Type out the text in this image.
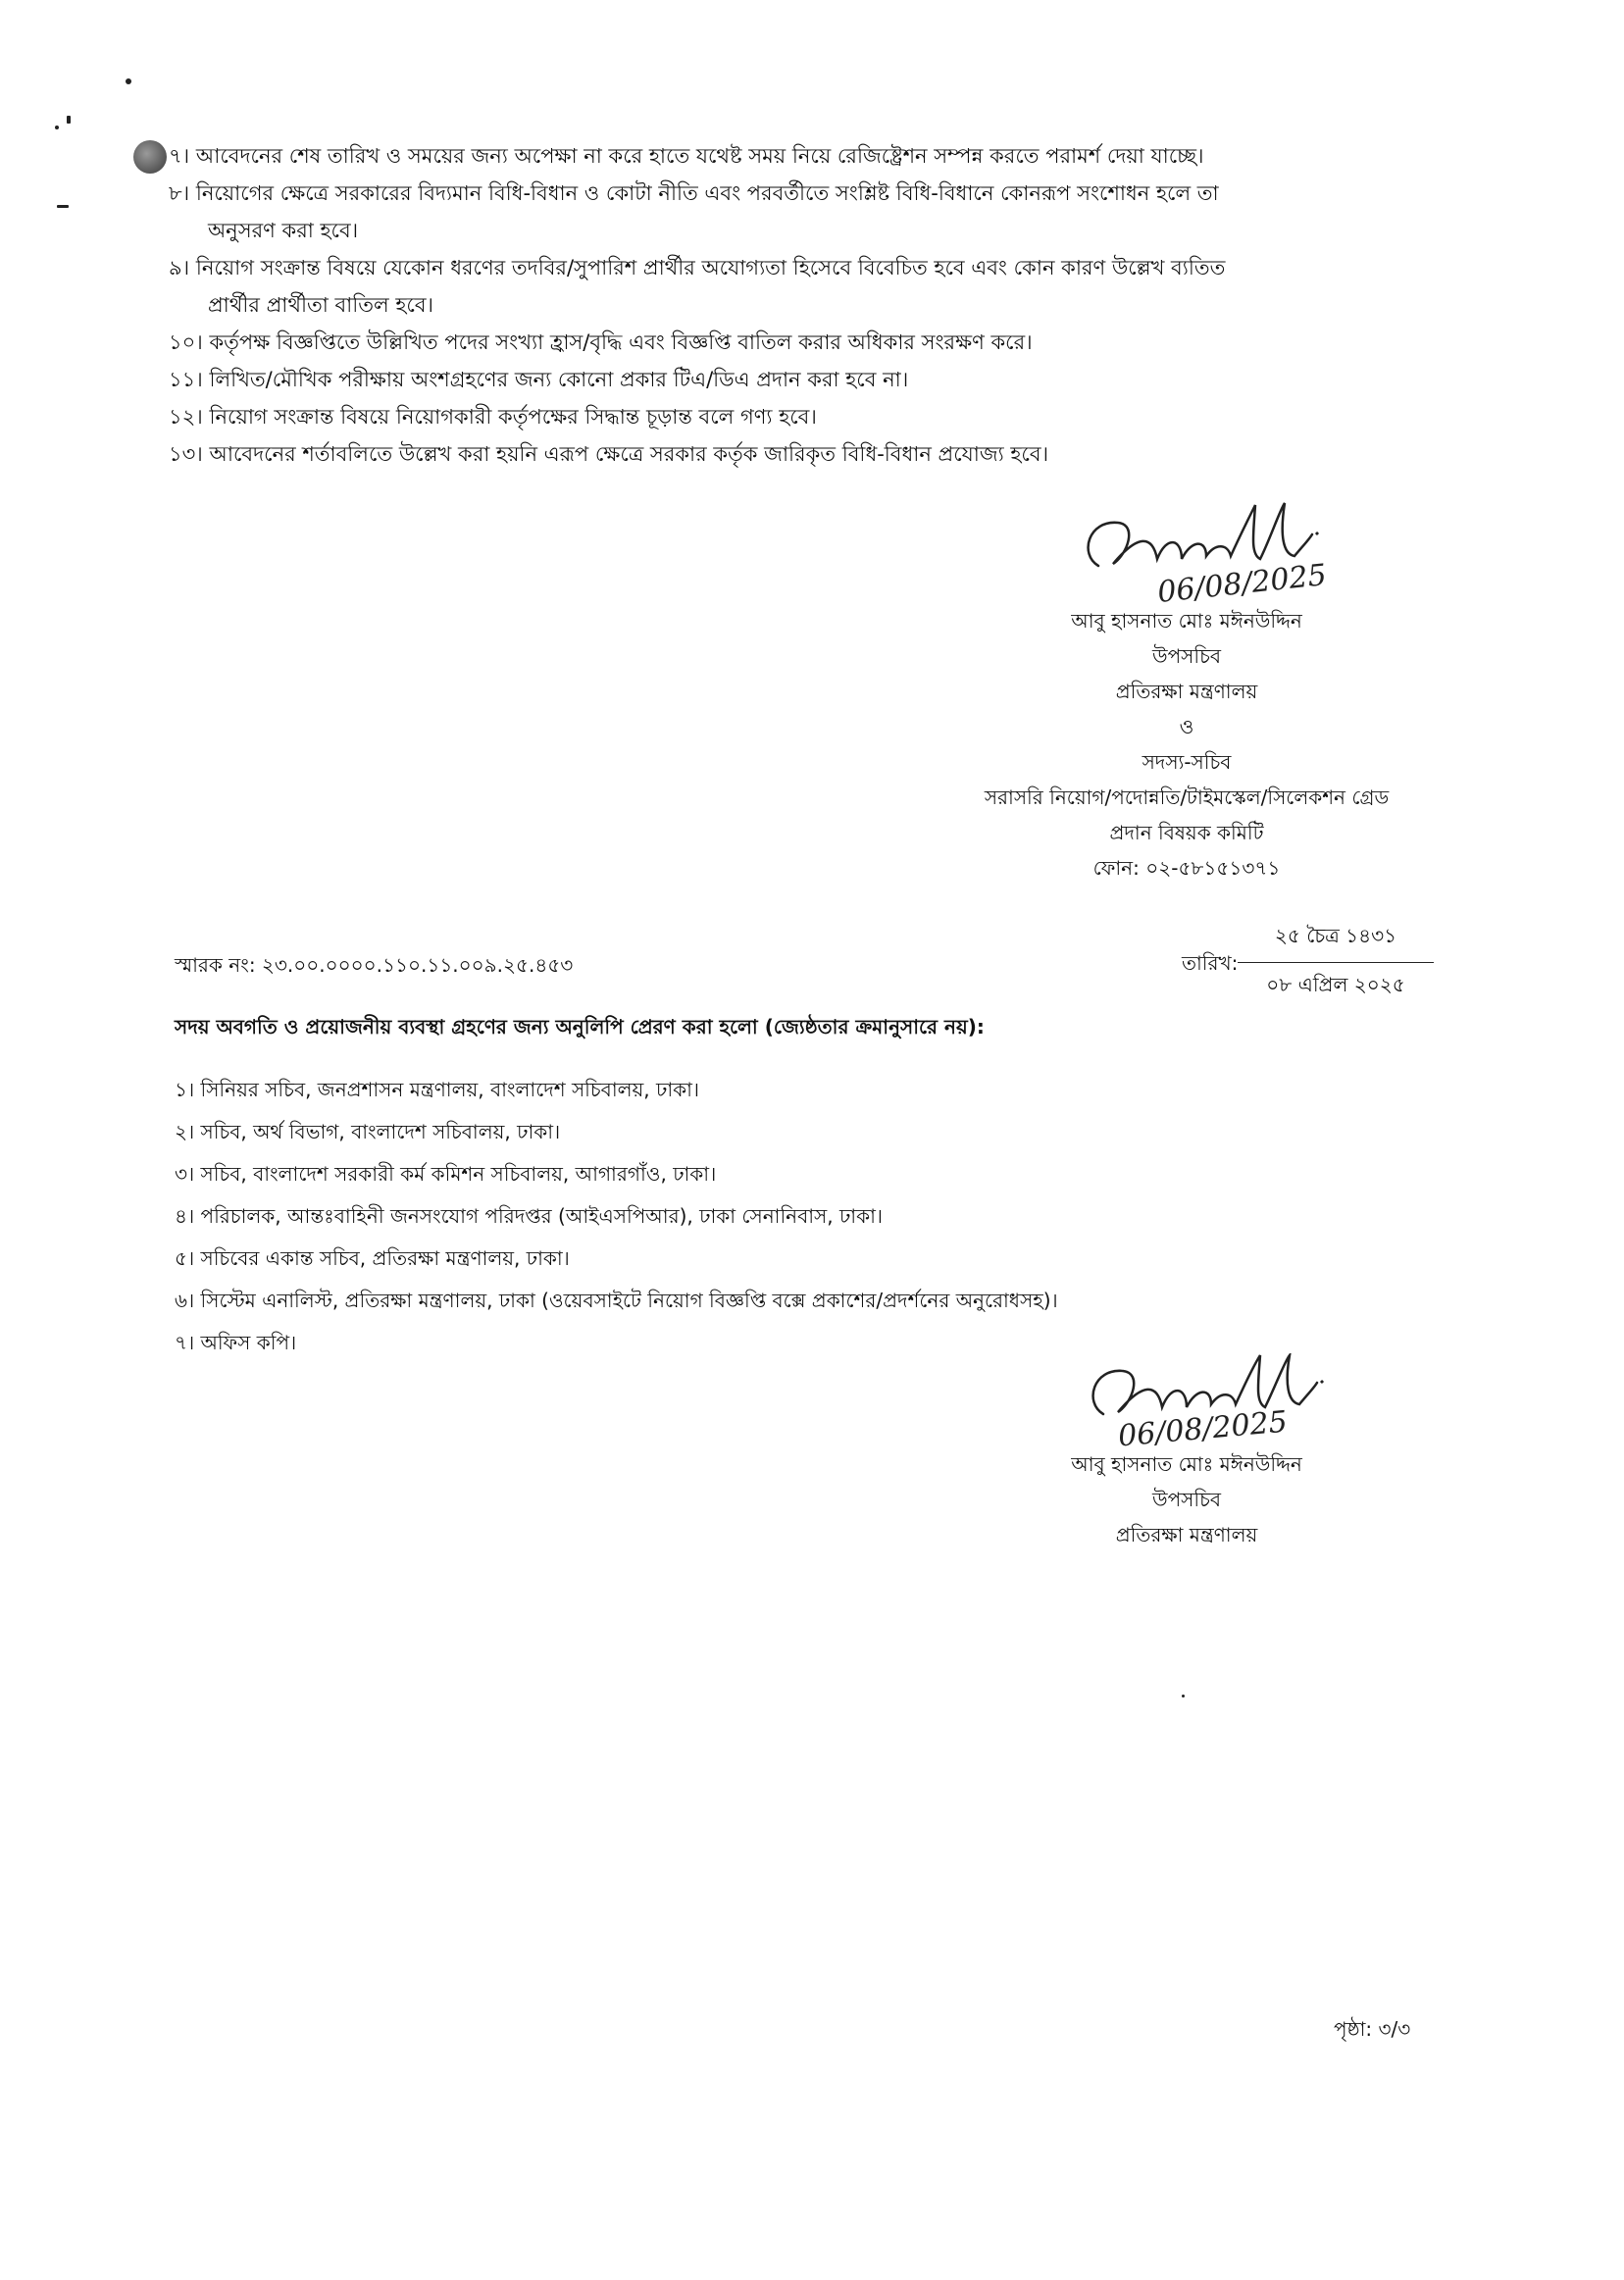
৭। আবেদনের শেষ তারিখ ও সময়ের জন্য অপেক্ষা না করে হাতে যথেষ্ট সময় নিয়ে রেজিষ্ট্রেশন সম্পন্ন করতে পরামর্শ দেয়া যাচ্ছে।
৮। নিয়োগের ক্ষেত্রে সরকারের বিদ্যমান বিধি-বিধান ও কোটা নীতি এবং পরবর্তীতে সংশ্লিষ্ট বিধি-বিধানে কোনরূপ সংশোধন হলে তা
অনুসরণ করা হবে।
৯। নিয়োগ সংক্রান্ত বিষয়ে যেকোন ধরণের তদবির/সুপারিশ প্রার্থীর অযোগ্যতা হিসেবে বিবেচিত হবে এবং কোন কারণ উল্লেখ ব্যতিত
প্রার্থীর প্রার্থীতা বাতিল হবে।
১০। কর্তৃপক্ষ বিজ্ঞপ্তিতে উল্লিখিত পদের সংখ্যা হ্রাস/বৃদ্ধি এবং বিজ্ঞপ্তি বাতিল করার অধিকার সংরক্ষণ করে।
১১। লিখিত/মৌখিক পরীক্ষায় অংশগ্রহণের জন্য কোনো প্রকার টিএ/ডিএ প্রদান করা হবে না।
১২। নিয়োগ সংক্রান্ত বিষয়ে নিয়োগকারী কর্তৃপক্ষের সিদ্ধান্ত চূড়ান্ত বলে গণ্য হবে।
১৩। আবেদনের শর্তাবলিতে উল্লেখ করা হয়নি এরূপ ক্ষেত্রে সরকার কর্তৃক জারিকৃত বিধি-বিধান প্রযোজ্য হবে।
06/08/2025
আবু হাসনাত মোঃ মঈনউদ্দিন
উপসচিব
প্রতিরক্ষা মন্ত্রণালয়
ও
সদস্য-সচিব
সরাসরি নিয়োগ/পদোন্নতি/টাইমস্কেল/সিলেকশন গ্রেড
প্রদান বিষয়ক কমিটি
ফোন: ০২-৫৮১৫১৩৭১
স্মারক নং: ২৩.০০.০০০০.১১০.১১.০০৯.২৫.৪৫৩	তারিখ:
২৫ চৈত্র ১৪৩১
০৮ এপ্রিল ২০২৫
সদয় অবগতি ও প্রয়োজনীয় ব্যবস্থা গ্রহণের জন্য অনুলিপি প্রেরণ করা হলো (জ্যেষ্ঠতার ক্রমানুসারে নয়):
১। সিনিয়র সচিব, জনপ্রশাসন মন্ত্রণালয়, বাংলাদেশ সচিবালয়, ঢাকা।
২। সচিব, অর্থ বিভাগ, বাংলাদেশ সচিবালয়, ঢাকা।
৩। সচিব, বাংলাদেশ সরকারী কর্ম কমিশন সচিবালয়, আগারগাঁও, ঢাকা।
৪। পরিচালক, আন্তঃবাহিনী জনসংযোগ পরিদপ্তর (আইএসপিআর), ঢাকা সেনানিবাস, ঢাকা।
৫। সচিবের একান্ত সচিব, প্রতিরক্ষা মন্ত্রণালয়, ঢাকা।
৬। সিস্টেম এনালিস্ট, প্রতিরক্ষা মন্ত্রণালয়, ঢাকা (ওয়েবসাইটে নিয়োগ বিজ্ঞপ্তি বক্সে প্রকাশের/প্রদর্শনের অনুরোধসহ)।
৭। অফিস কপি।
06/08/2025
আবু হাসনাত মোঃ মঈনউদ্দিন
উপসচিব
প্রতিরক্ষা মন্ত্রণালয়
পৃষ্ঠা: ৩/৩
